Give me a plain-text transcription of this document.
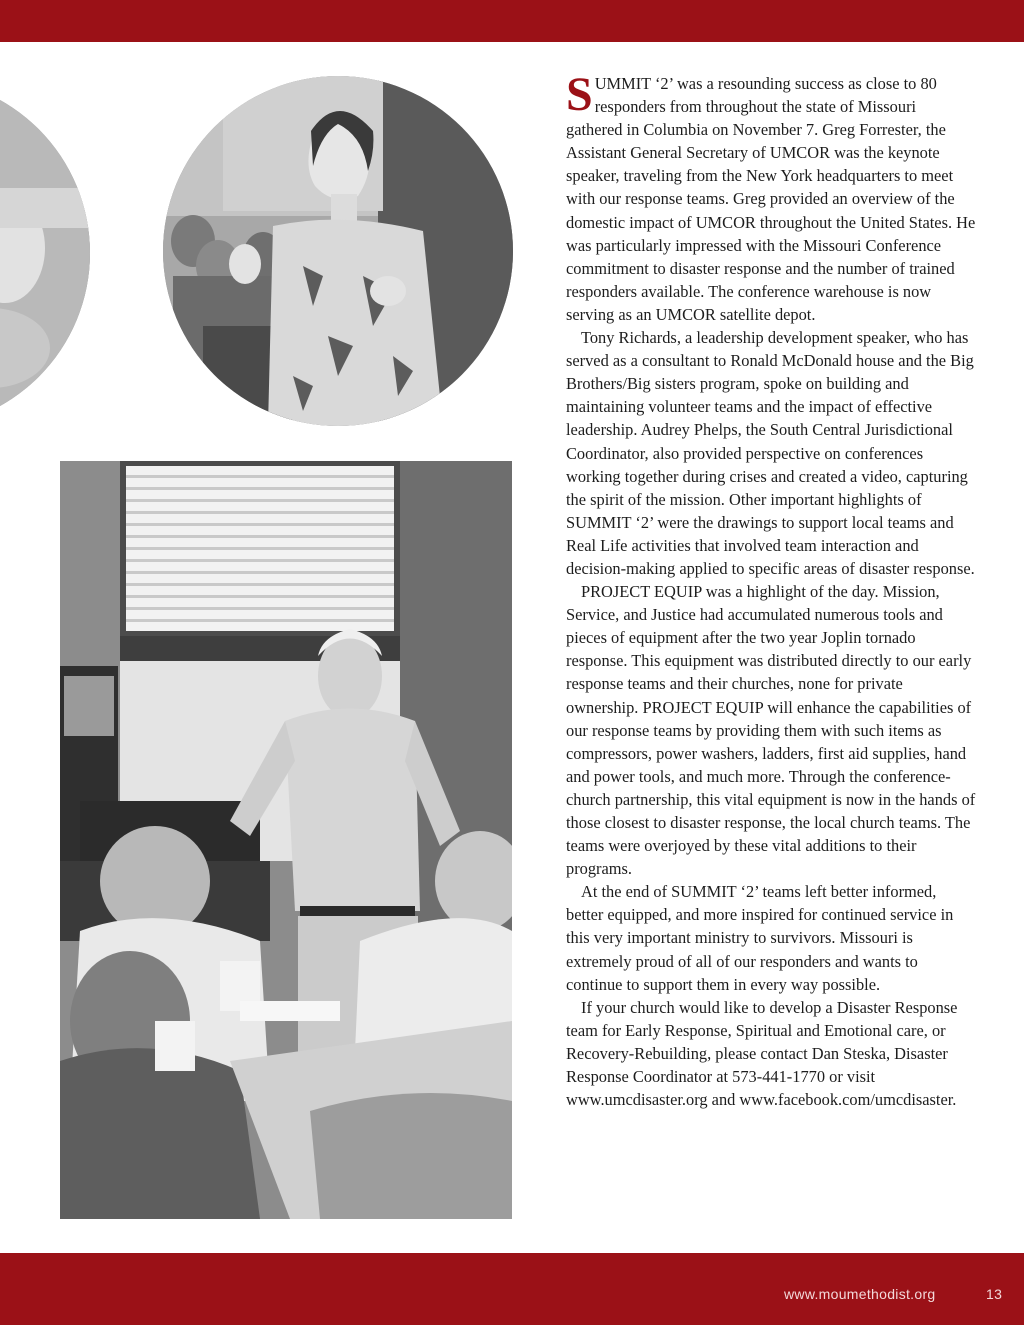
SUMMIT ‘2’ was a resounding success as close to 80 responders from throughout the state of Missouri gathered in Columbia on November 7. Greg Forrester, the Assistant General Secretary of UMCOR was the keynote speaker, traveling from the New York headquarters to meet with our response teams. Greg provided an overview of the domestic impact of UMCOR throughout the United States. He was particularly impressed with the Missouri Conference commitment to disaster response and the number of trained responders available. The conference warehouse is now serving as an UMCOR satellite depot.

Tony Richards, a leadership development speaker, who has served as a consultant to Ronald McDonald house and the Big Brothers/Big sisters program, spoke on building and maintaining volunteer teams and the impact of effective leadership. Audrey Phelps, the South Central Jurisdictional Coordinator, also provided perspective on conferences working together during crises and created a video, capturing the spirit of the mission. Other important highlights of SUMMIT ‘2’ were the drawings to support local teams and Real Life activities that involved team interaction and decision-making applied to specific areas of disaster response.

PROJECT EQUIP was a highlight of the day. Mission, Service, and Justice had accumulated numerous tools and pieces of equipment after the two year Joplin tornado response. This equipment was distributed directly to our early response teams and their churches, none for private ownership. PROJECT EQUIP will enhance the capabilities of our response teams by providing them with such items as compressors, power washers, ladders, first aid supplies, hand and power tools, and much more. Through the conference-church partnership, this vital equipment is now in the hands of those closest to disaster response, the local church teams. The teams were overjoyed by these vital additions to their programs.

At the end of SUMMIT ‘2’ teams left better informed, better equipped, and more inspired for continued service in this very important ministry to survivors. Missouri is extremely proud of all of our responders and wants to continue to support them in every way possible.

If your church would like to develop a Disaster Response team for Early Response, Spiritual and Emotional care, or Recovery-Rebuilding, please contact Dan Steska, Disaster Response Coordinator at 573-441-1770 or visit www.umcdisaster.org and www.facebook.com/umcdisaster.

www.moumethodist.org	13
